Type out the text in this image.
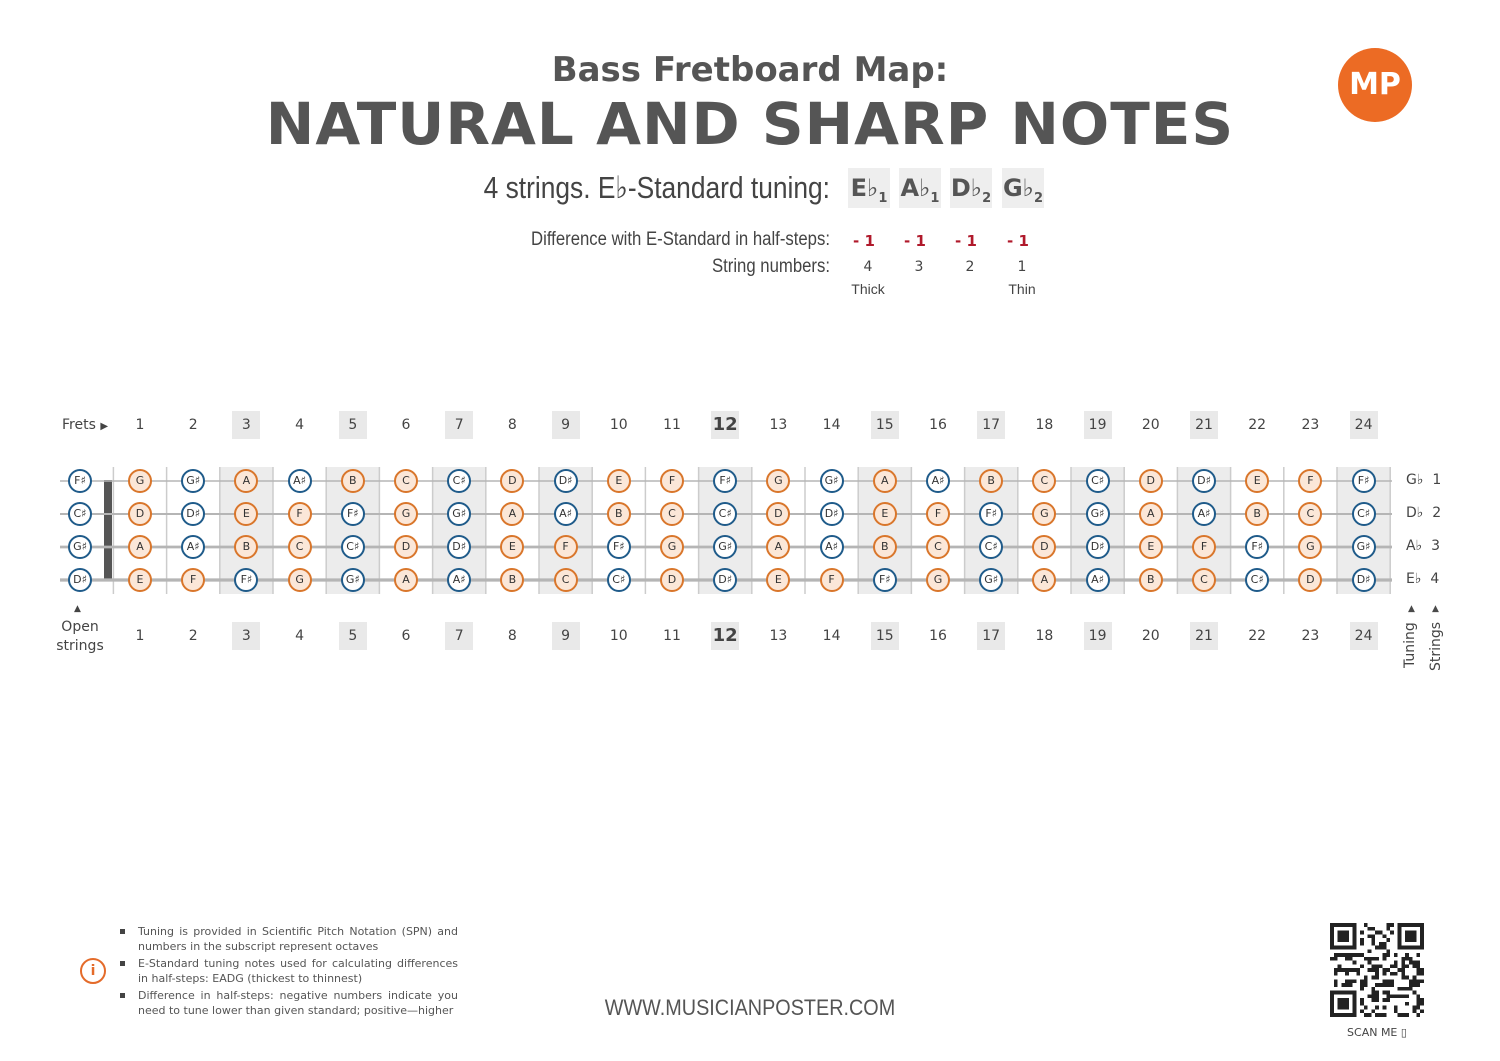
Bass Fretboard Map:
NATURAL AND SHARP NOTES
MP
4 strings. E♭-Standard tuning: $E♭_1$ $A♭_1$ $D♭_2$ $G♭_2$
Difference with E-Standard in half-steps:	- 1	- 1	- 1	- 1
String numbers:	4	3	2	1
Thick	Thin
Frets ▶
▲
Open
strings
▲ ▲
Tuning Strings
1	2	3	4	5	6	7	8	9	10	11 12	13	14	15	16	17	18	19	20	21	22	23	24
1	2	3	4	5	6	7	8	9	10	11 12	13	14	15	16	17	18	19	20	21	22	23	24
F♯	G	G♯	A	A♯	B	C	C♯	D	D♯	E	F	F♯	G	G♯	A	A♯	B	C	C♯	D	D♯	E	F	F♯	G♭ 1
C♯	D	D♯	E	F	F♯	G	G♯	A	A♯	B	C	C♯	D	D♯	E	F	F♯	G	G♯	A	A♯	B	C	C♯	D♭ 2
G♯	A	A♯	B	C	C♯	D	D♯	E	F	F♯	G	G♯	A	A♯	B	C	C♯	D	D♯	E	F	F♯	G	G♯	A♭ 3
D♯	E	F	F♯	G	G♯	A	A♯	B	C	C♯	D	D♯	E	F	F♯	G	G♯	A	A♯	B	C	C♯	D	D♯	E♭ 4
i
Tuning is provided in Scientific Pitch Notation (SPN) and numbers in the subscript represent octaves
E-Standard tuning notes used for calculating differences in half-steps: EADG (thickest to thinnest)
Difference in half-steps: negative numbers indicate you need to tune lower than given standard; positive—higher	WWW.MUSICIANPOSTER.COM
SCAN ME ▯
